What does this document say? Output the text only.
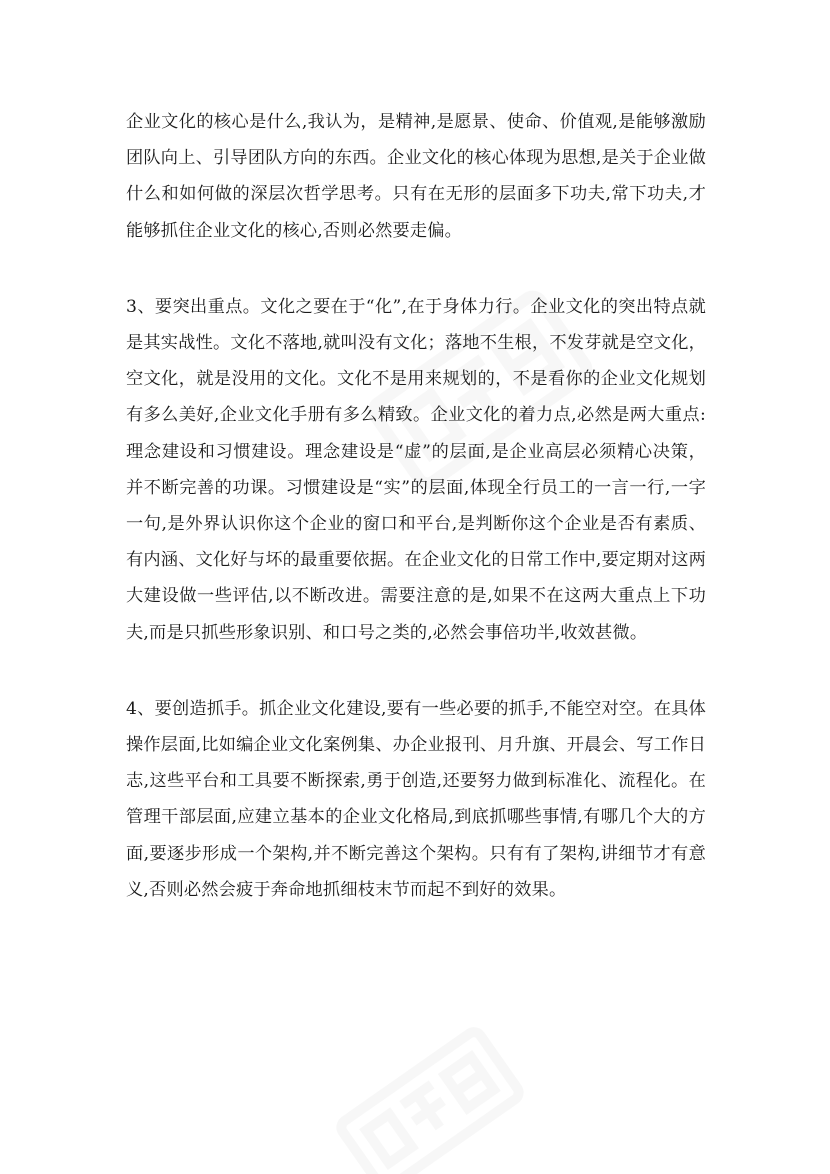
企业文化的核心是什么,我认为，是精神,是愿景、使命、价值观,是能够激励团队向上、引导团队方向的东西。企业文化的核心体现为思想,是关于企业做什么和如何做的深层次哲学思考。只有在无形的层面多下功夫,常下功夫,才能够抓住企业文化的核心,否则必然要走偏。

3、要突出重点。文化之要在于“化”,在于身体力行。企业文化的突出特点就是其实战性。文化不落地,就叫没有文化；落地不生根，不发芽就是空文化，空文化，就是没用的文化。文化不是用来规划的，不是看你的企业文化规划有多么美好,企业文化手册有多么精致。企业文化的着力点,必然是两大重点:理念建设和习惯建设。理念建设是“虚”的层面,是企业高层必须精心决策，并不断完善的功课。习惯建设是“实”的层面,体现全行员工的一言一行,一字一句,是外界认识你这个企业的窗口和平台,是判断你这个企业是否有素质、有内涵、文化好与坏的最重要依据。在企业文化的日常工作中,要定期对这两大建设做一些评估,以不断改进。需要注意的是,如果不在这两大重点上下功夫,而是只抓些形象识别、和口号之类的,必然会事倍功半,收效甚微。

4、要创造抓手。抓企业文化建设,要有一些必要的抓手,不能空对空。在具体操作层面,比如编企业文化案例集、办企业报刊、月升旗、开晨会、写工作日志,这些平台和工具要不断探索,勇于创造,还要努力做到标准化、流程化。在管理干部层面,应建立基本的企业文化格局,到底抓哪些事情,有哪几个大的方面,要逐步形成一个架构,并不断完善这个架构。只有有了架构,讲细节才有意义,否则必然会疲于奔命地抓细枝末节而起不到好的效果。
